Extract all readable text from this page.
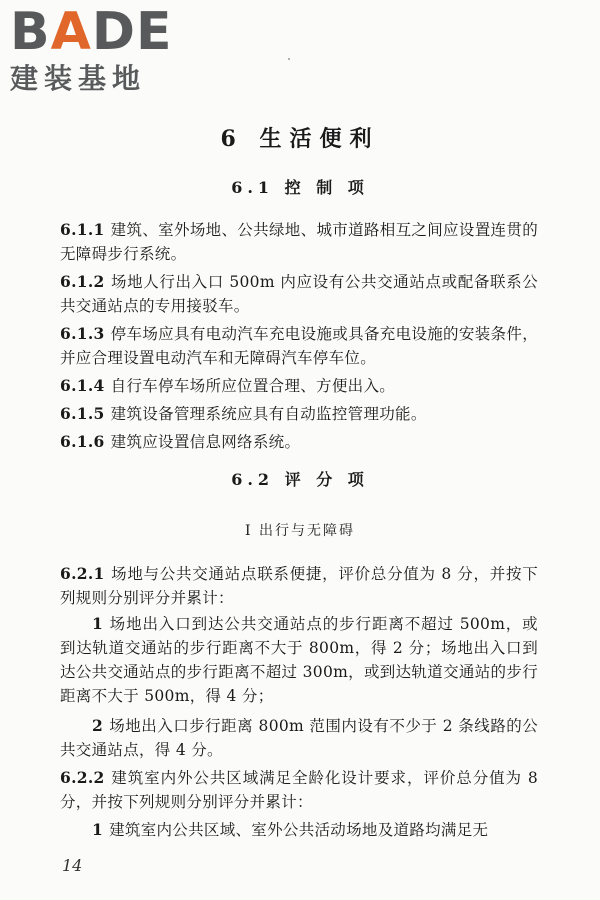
BADE
建装基地
6 生活便利
6.1 控 制 项
6.1.1 建筑、室外场地、公共绿地、城市道路相互之间应设置连贯的无障碍步行系统。
6.1.2 场地人行出入口 500m 内应设有公共交通站点或配备联系公共交通站点的专用接驳车。
6.1.3 停车场应具有电动汽车充电设施或具备充电设施的安装条件，并应合理设置电动汽车和无障碍汽车停车位。
6.1.4 自行车停车场所应位置合理、方便出入。
6.1.5 建筑设备管理系统应具有自动监控管理功能。
6.1.6 建筑应设置信息网络系统。
6.2 评 分 项
Ⅰ 出行与无障碍
6.2.1 场地与公共交通站点联系便捷，评价总分值为 8 分，并按下列规则分别评分并累计：
1 场地出入口到达公共交通站点的步行距离不超过 500m，或到达轨道交通站的步行距离不大于 800m，得 2 分；场地出入口到达公共交通站点的步行距离不超过 300m，或到达轨道交通站的步行距离不大于 500m，得 4 分；
2 场地出入口步行距离 800m 范围内设有不少于 2 条线路的公共交通站点，得 4 分。
6.2.2 建筑室内外公共区域满足全龄化设计要求，评价总分值为 8 分，并按下列规则分别评分并累计：
1 建筑室内公共区域、室外公共活动场地及道路均满足无
14
